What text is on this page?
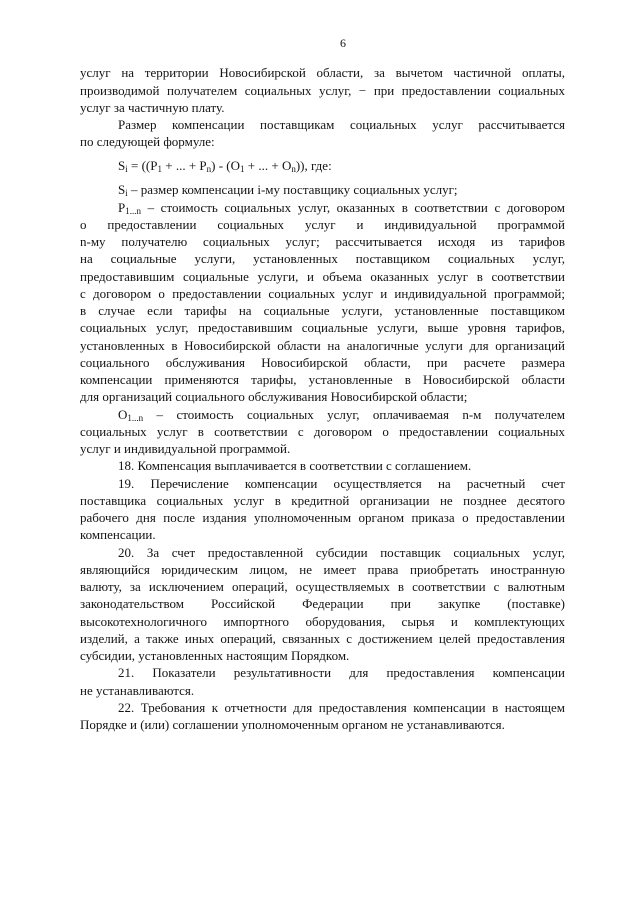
6
услуг на территории Новосибирской области, за вычетом частичной оплаты,
производимой получателем социальных услуг, − при предоставлении социальных
услуг за частичную плату.
Размер компенсации поставщикам социальных услуг рассчитывается
по следующей формуле:
$S_i = ((P_1$ + ... + $P_n) - (O_1$ + ... + $O_n$)), где:
$S_i$ – размер компенсации i-му поставщику социальных услуг;
$P_{1...n}$ – стоимость социальных услуг, оказанных в соответствии с договором
о предоставлении социальных услуг и индивидуальной программой
n-му получателю социальных услуг; рассчитывается исходя из тарифов
на социальные услуги, установленных поставщиком социальных услуг,
предоставившим социальные услуги, и объема оказанных услуг в соответствии
с договором о предоставлении социальных услуг и индивидуальной программой;
в случае если тарифы на социальные услуги, установленные поставщиком
социальных услуг, предоставившим социальные услуги, выше уровня тарифов,
установленных в Новосибирской области на аналогичные услуги для организаций
социального обслуживания Новосибирской области, при расчете размера
компенсации применяются тарифы, установленные в Новосибирской области
для организаций социального обслуживания Новосибирской области;
$O_{1...n}$ – стоимость социальных услуг, оплачиваемая n-м получателем
социальных услуг в соответствии с договором о предоставлении социальных
услуг и индивидуальной программой.
18. Компенсация выплачивается в соответствии с соглашением.
19. Перечисление компенсации осуществляется на расчетный счет
поставщика социальных услуг в кредитной организации не позднее десятого
рабочего дня после издания уполномоченным органом приказа о предоставлении
компенсации.
20. За счет предоставленной субсидии поставщик социальных услуг,
являющийся юридическим лицом, не имеет права приобретать иностранную
валюту, за исключением операций, осуществляемых в соответствии с валютным
законодательством Российской Федерации при закупке (поставке)
высокотехнологичного импортного оборудования, сырья и комплектующих
изделий, а также иных операций, связанных с достижением целей предоставления
субсидии, установленных настоящим Порядком.
21. Показатели результативности для предоставления компенсации
не устанавливаются.
22. Требования к отчетности для предоставления компенсации в настоящем
Порядке и (или) соглашении уполномоченным органом не устанавливаются.
